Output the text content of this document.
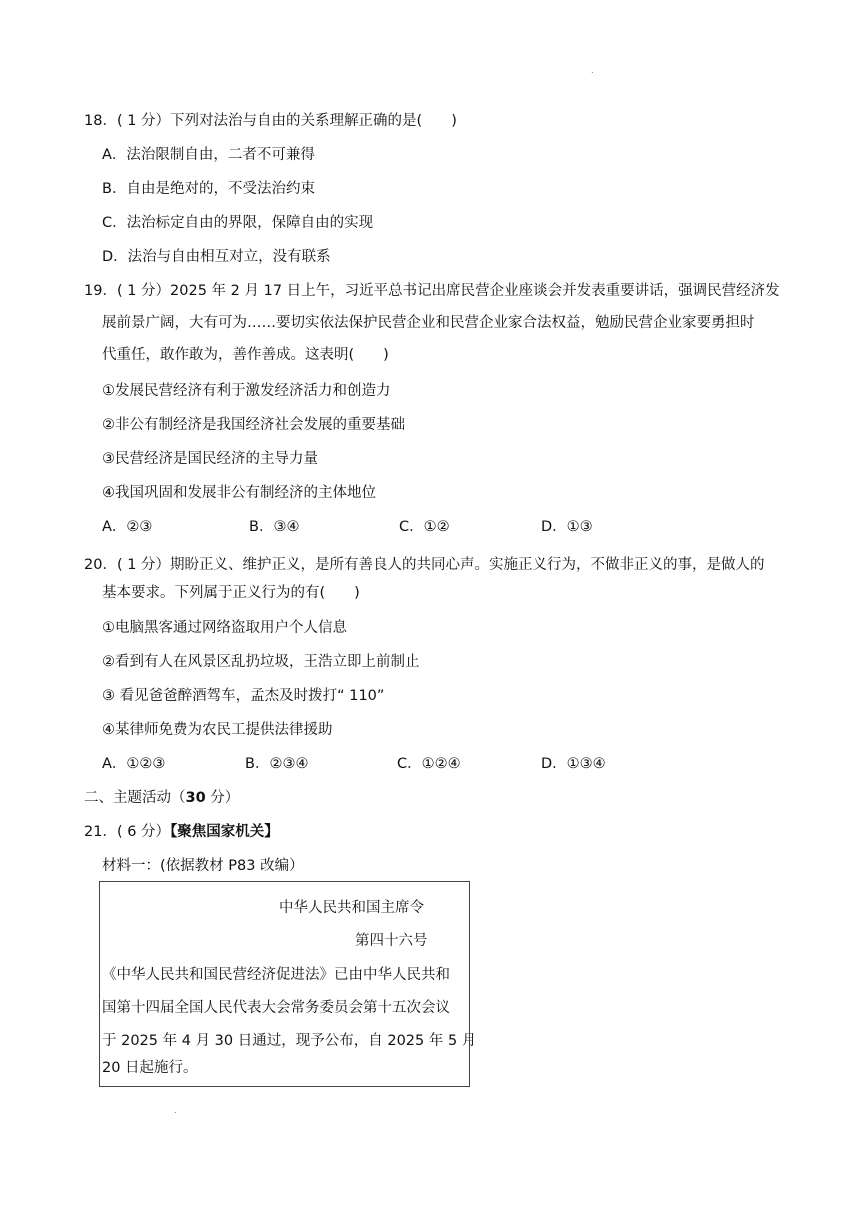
.
18．( 1 分）下列对法治与自由的关系理解正确的是(　　)
A．法治限制自由，二者不可兼得
B．自由是绝对的，不受法治约束
C．法治标定自由的界限，保障自由的实现
D．法治与自由相互对立，没有联系
19．( 1 分）2025 年 2 月 17 日上午，习近平总书记出席民营企业座谈会并发表重要讲话，强调民营经济发
展前景广阔，大有可为……要切实依法保护民营企业和民营企业家合法权益，勉励民营企业家要勇担时
代重任，敢作敢为，善作善成。这表明(　　)
①发展民营经济有利于激发经济活力和创造力
②非公有制经济是我国经济社会发展的重要基础
③民营经济是国民经济的主导力量
④我国巩固和发展非公有制经济的主体地位
A．②③	B．③④	C．①②	D．①③
20．( 1 分）期盼正义、维护正义，是所有善良人的共同心声。实施正义行为，不做非正义的事，是做人的
基本要求。下列属于正义行为的有(　　)
①电脑黑客通过网络盗取用户个人信息
②看到有人在风景区乱扔垃圾，王浩立即上前制止
③ 看见爸爸醉酒驾车，孟杰及时拨打“ 110”
④某律师免费为农民工提供法律援助
A．①②③	B．②③④	C．①②④	D．①③④
二、主题活动（30 分）
21．( 6 分）【聚焦国家机关】
材料一：(依据教材 P83 改编）
中华人民共和国主席令
第四十六号
《中华人民共和国民营经济促进法》已由中华人民共和
国第十四届全国人民代表大会常务委员会第十五次会议
于 2025 年 4 月 30 日通过，现予公布，自 2025 年 5 月
20 日起施行。
.
